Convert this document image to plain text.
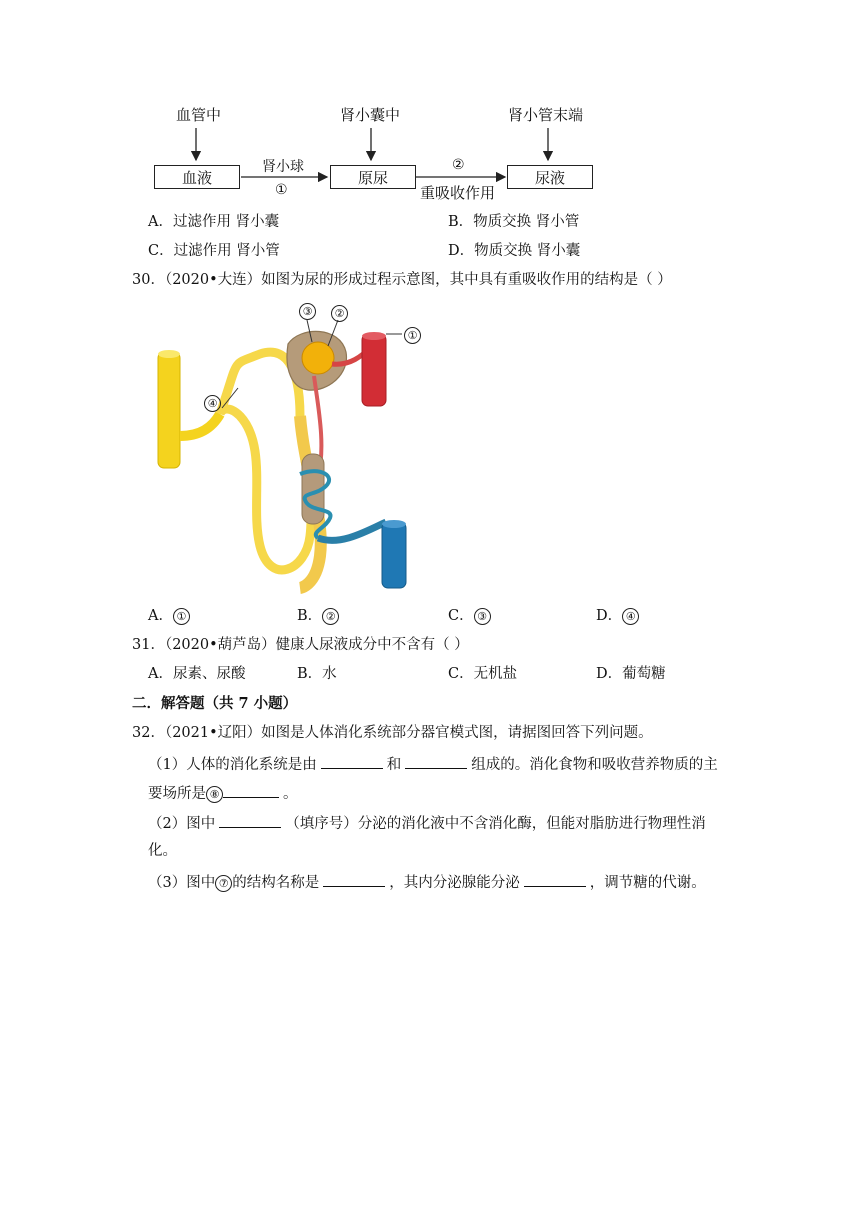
血管中	肾小囊中	肾小管末端
血液	原尿	尿液
肾小球
①
②
重吸收作用
A．过滤作用 肾小囊	B．物质交换 肾小管
C．过滤作用 肾小管	D．物质交换 肾小囊
30．（2020•大连）如图为尿的形成过程示意图，其中具有重吸收作用的结构是（ ）
①
②
③
④
A． ①	B． ②	C． ③	D． ④
31．（2020•葫芦岛）健康人尿液成分中不含有（ ）
A．尿素、尿酸	B．水	C．无机盐	D．葡萄糖
二．解答题（共 7 小题）
32．（2021•辽阳）如图是人体消化系统部分器官模式图，请据图回答下列问题。
（1）人体的消化系统是由	和	组成的。消化食物和吸收营养物质的主
要场所是 ⑧	。
（2）图中	（填序号）分泌的消化液中不含消化酶，但能对脂肪进行物理性消
化。
（3）图中 ⑦ 的结构名称是	，其内分泌腺能分泌	，调节糖的代谢。
